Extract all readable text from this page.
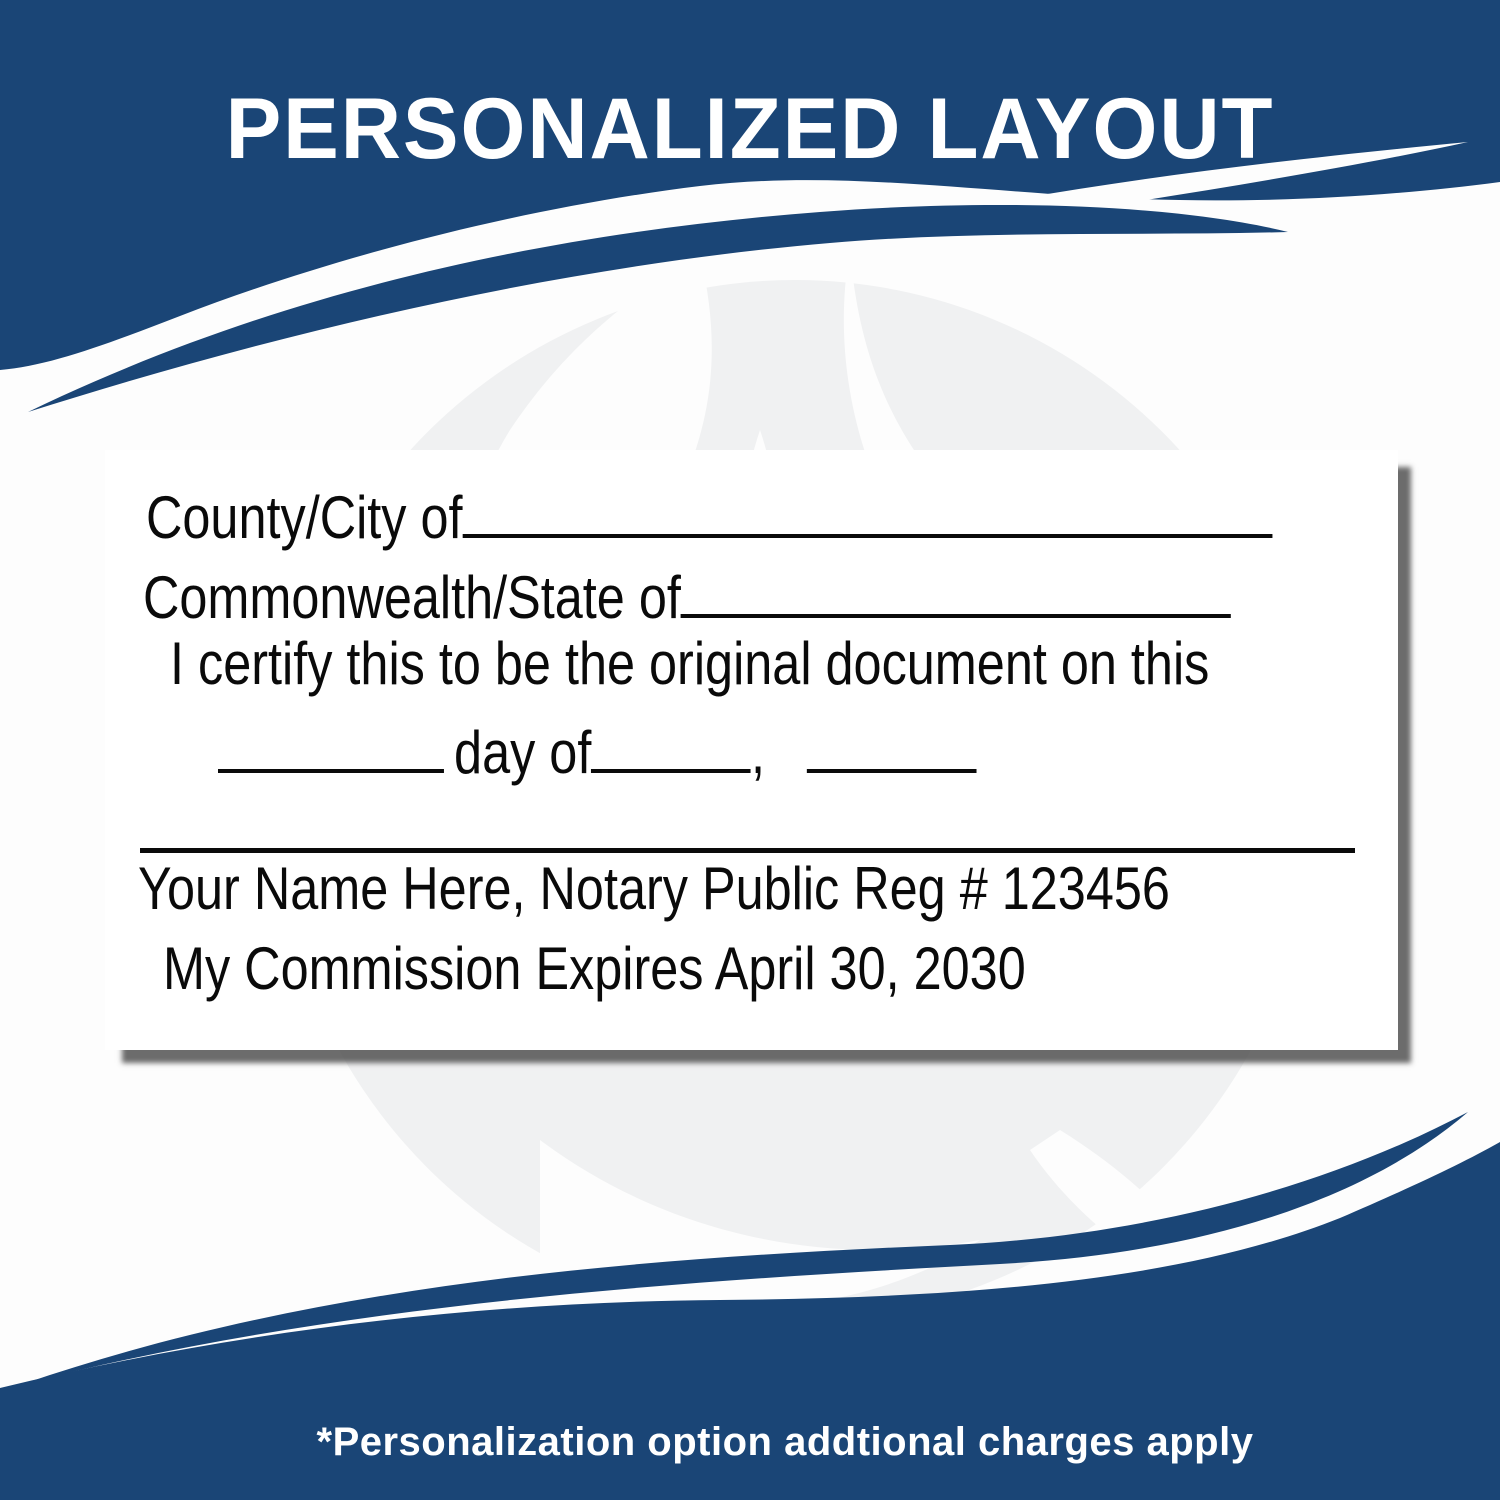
PERSONALIZED LAYOUT
County/City of
Commonwealth/State of
I certify this to be the original document on this
day of	,
Your Name Here, Notary Public Reg # 123456
My Commission Expires April 30, 2030
*Personalization option addtional charges apply
